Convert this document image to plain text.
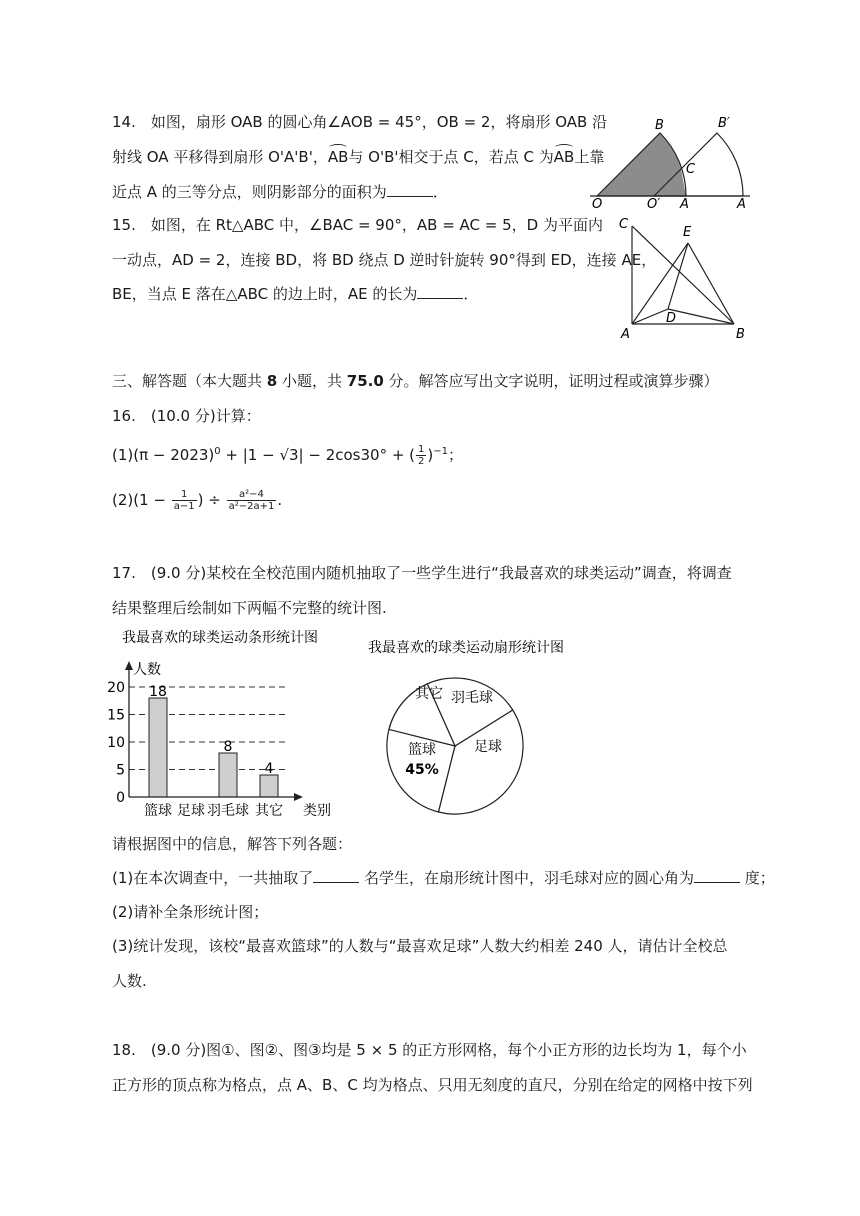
14.　如图，扇形 OAB 的圆心角∠AOB = 45°，OB = 2，将扇形 OAB 沿
射线 OA 平移得到扇形 O'A'B'，
AB与 O'B'相交于点 C，若点 C 为
AB上靠
近点 A 的三等分点，则阴影部分的面积为	．
B	B′
C
O	O′ A	A
15.　如图，在 Rt△ABC 中，∠BAC = 90°，AB = AC = 5，D 为平面内
一动点，AD = 2，连接 BD，将 BD 绕点 D 逆时针旋转 90°得到 ED，连接 AE，
BE，当点 E 落在△ABC 的边上时，AE 的长为	．
C
E
D
A	B
三、解答题（本大题共 8 小题，共 75.0 分。解答应写出文字说明，证明过程或演算步骤）
16.　(10.0 分)计算：
$(1)(\pi - 2023)^0 + |1 - √3| - 2\cos 30^\circ$ + ( $\frac{1}{2} )^{-1}$；
$(2)(1 - \frac{1}{a-1}$ ) ÷ $\frac{\text{a²−4}}{\text{a²−2a+1}}$ .
17.　(9.0 分)某校在全校范围内随机抽取了一些学生进行“我最喜欢的球类运动”调查，将调查
结果整理后绘制如下两幅不完整的统计图.
我最喜欢的球类运动条形统计图
18
8
4
0
5
10
15
20
篮球 足球 羽毛球 其它
人数
类别
我最喜欢的球类运动扇形统计图
篮球
45%
足球
羽毛球
其它
请根据图中的信息，解答下列各题：
(1)在本次调查中，一共抽取了	名学生，在扇形统计图中，羽毛球对应的圆心角为	度；
(2)请补全条形统计图；
(3)统计发现，该校“最喜欢篮球”的人数与“最喜欢足球”人数大约相差 240 人，请估计全校总
人数.
18.　(9.0 分)图①、图②、图③均是 5 × 5 的正方形网格，每个小正方形的边长均为 1，每个小
正方形的顶点称为格点，点 A、B、C 均为格点、只用无刻度的直尺，分别在给定的网格中按下列
